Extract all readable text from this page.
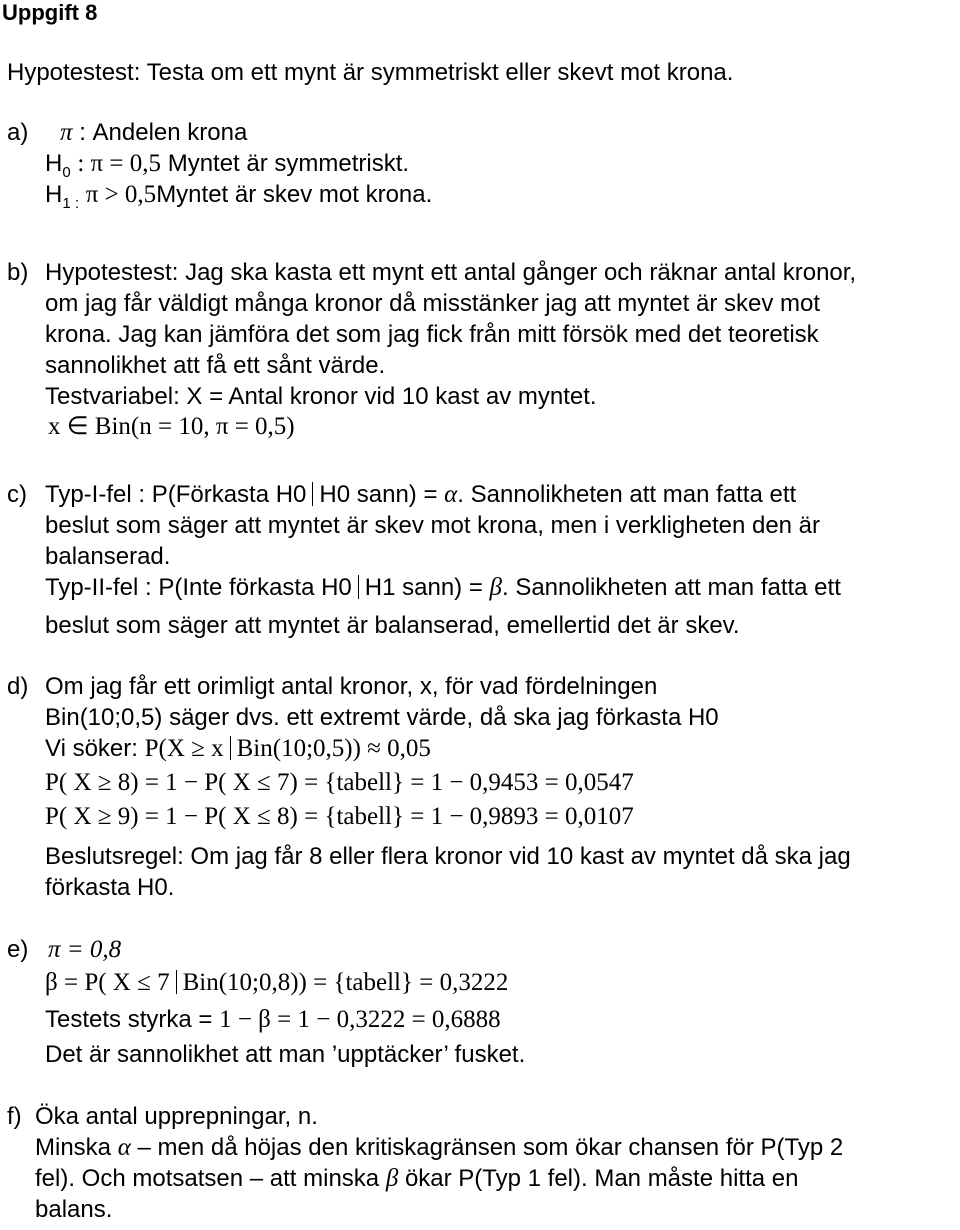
Uppgift 8
Hypotestest: Testa om ett mynt är symmetriskt eller skevt mot krona.
a) π : Andelen krona
$H_0$ : π = 0,5 Myntet är symmetriskt.
$H_{1 :}$ π > 0,5Myntet är skev mot krona.
b) Hypotestest: Jag ska kasta ett mynt ett antal gånger och räknar antal kronor,
om jag får väldigt många kronor då misstänker jag att myntet är skev mot
krona. Jag kan jämföra det som jag fick från mitt försök med det teoretisk
sannolikhet att få ett sånt värde.
Testvariabel: X = Antal kronor vid 10 kast av myntet.
x ∈ Bin(n = 10, π = 0,5)
c) Typ-I-fel : P(Förkasta H0 H0 sann) = α. Sannolikheten att man fatta ett
beslut som säger att myntet är skev mot krona, men i verkligheten den är
balanserad.
Typ-II-fel : P(Inte förkasta H0 H1 sann) = β. Sannolikheten att man fatta ett
beslut som säger att myntet är balanserad, emellertid det är skev.
d) Om jag får ett orimligt antal kronor, x, för vad fördelningen
Bin(10;0,5) säger dvs. ett extremt värde, då ska jag förkasta H0
Vi söker: P(X ≥ x Bin(10;0,5)) ≈ 0,05
P( X ≥ 8) = 1 − P( X ≤ 7) = {tabell} = 1 − 0,9453 = 0,0547
P( X ≥ 9) = 1 − P( X ≤ 8) = {tabell} = 1 − 0,9893 = 0,0107
Beslutsregel: Om jag får 8 eller flera kronor vid 10 kast av myntet då ska jag
förkasta H0.
e) π = 0,8
β = P( X ≤ 7 Bin(10;0,8)) = {tabell} = 0,3222
Testets styrka = 1 − β = 1 − 0,3222 = 0,6888
Det är sannolikhet att man ’upptäcker’ fusket.
f) Öka antal upprepningar, n.
Minska α – men då höjas den kritiskagränsen som ökar chansen för P(Typ 2
fel). Och motsatsen – att minska β ökar P(Typ 1 fel). Man måste hitta en
balans.
